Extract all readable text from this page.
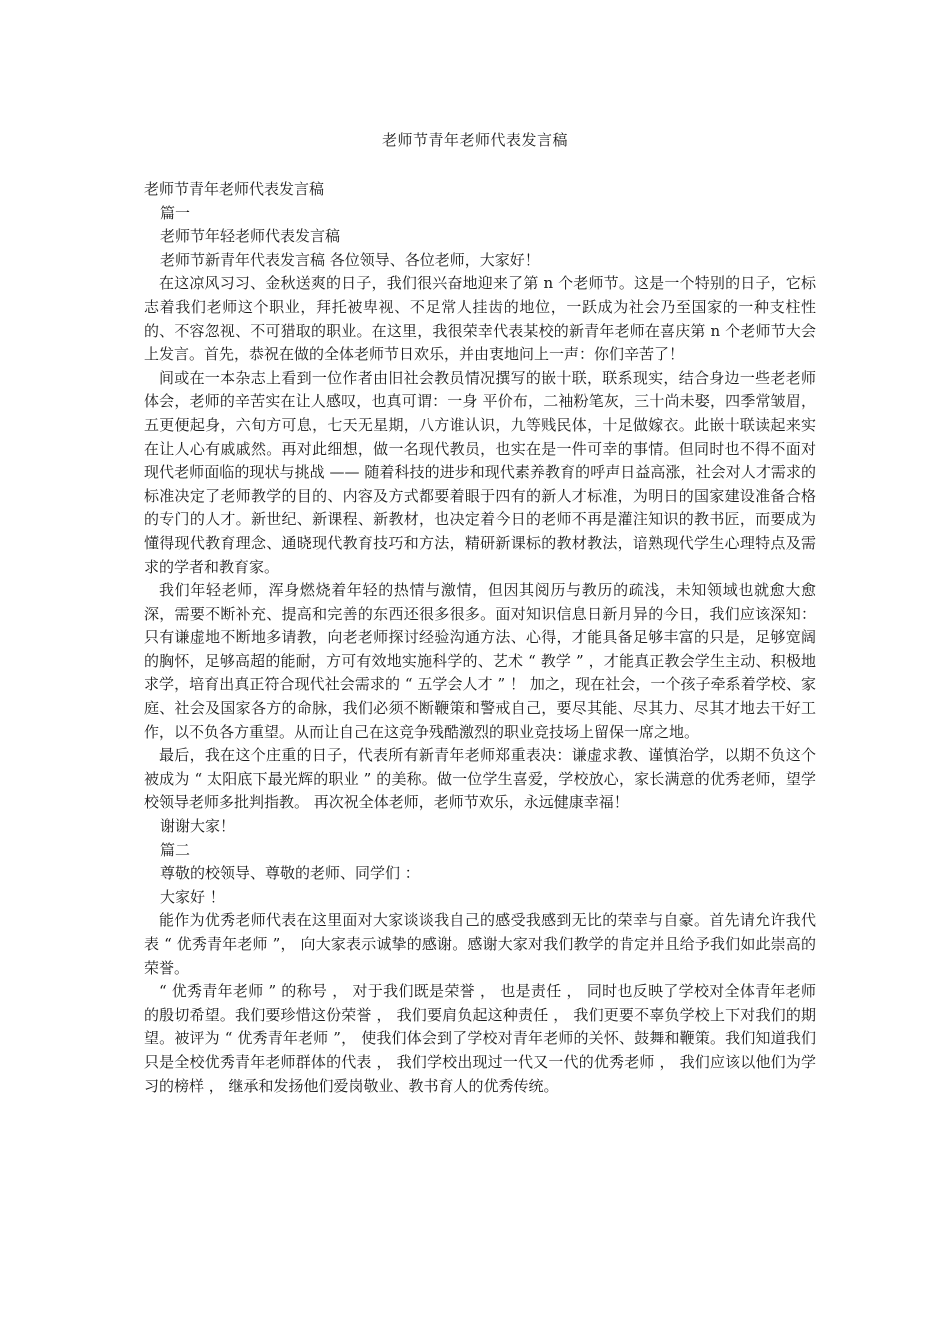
老师节青年老师代表发言稿

老师节青年老师代表发言稿

篇一

老师节年轻老师代表发言稿

老师节新青年代表发言稿 各位领导、各位老师，大家好！

在这凉风习习、金秋送爽的日子，我们很兴奋地迎来了第 n 个老师节。这是一个特别的日子，它标志着我们老师这个职业，拜托被卑视、不足常人挂齿的地位，一跃成为社会乃至国家的一种支柱性的、不容忽视、不可猎取的职业。在这里，我很荣幸代表某校的新青年老师在喜庆第 n 个老师节大会上发言。首先，恭祝在做的全体老师节日欢乐，并由衷地问上一声：你们辛苦了！

间或在一本杂志上看到一位作者由旧社会教员情况撰写的嵌十联，联系现实，结合身边一些老老师体会，老师的辛苦实在让人感叹，也真可谓：一身 平价布，二袖粉笔灰，三十尚未娶，四季常皱眉，五更便起身，六旬方可息，七天无星期，八方谁认识，九等贱民体，十足做嫁衣。此嵌十联读起来实在让人心有戚戚然。再对此细想，做一名现代教员，也实在是一件可幸的事情。但同时也不得不面对现代老师面临的现状与挑战 —— 随着科技的进步和现代素养教育的呼声日益高涨，社会对人才需求的标准决定了老师教学的目的、内容及方式都要着眼于四有的新人才标准，为明日的国家建设准备合格的专门的人才。新世纪、新课程、新教材，也决定着今日的老师不再是灌注知识的教书匠，而要成为懂得现代教育理念、通晓现代教育技巧和方法，精研新课标的教材教法，谙熟现代学生心理特点及需求的学者和教育家。

我们年轻老师，浑身燃烧着年轻的热情与激情，但因其阅历与教历的疏浅，未知领域也就愈大愈深，需要不断补充、提高和完善的东西还很多很多。面对知识信息日新月异的今日，我们应该深知：只有谦虚地不断地多请教，向老老师探讨经验沟通方法、心得，才能具备足够丰富的只是，足够宽阔的胸怀，足够高超的能耐，方可有效地实施科学的、艺术 “ 教学 ” ，才能真正教会学生主动、积极地求学，培育出真正符合现代社会需求的 “ 五学会人才 ” ！ 加之，现在社会，一个孩子牵系着学校、家庭、社会及国家各方的命脉，我们必须不断鞭策和警戒自己，要尽其能、尽其力、尽其才地去干好工作，以不负各方重望。从而让自己在这竞争残酷激烈的职业竞技场上留保一席之地。

最后，我在这个庄重的日子，代表所有新青年老师郑重表决：谦虚求教、谨慎治学，以期不负这个被成为 “ 太阳底下最光辉的职业 ” 的美称。做一位学生喜爱，学校放心，家长满意的优秀老师，望学校领导老师多批判指教。 再次祝全体老师，老师节欢乐，永远健康幸福！

谢谢大家！

篇二

尊敬的校领导、尊敬的老师、同学们 ：

大家好 ！

能作为优秀老师代表在这里面对大家谈谈我自己的感受我感到无比的荣幸与自豪。首先请允许我代表 “ 优秀青年老师 ”， 向大家表示诚挚的感谢。感谢大家对我们教学的肯定并且给予我们如此崇高的荣誉。

“ 优秀青年老师 ” 的称号 ， 对于我们既是荣誉 ， 也是责任 ， 同时也反映了学校对全体青年老师的殷切希望。我们要珍惜这份荣誉 ， 我们要肩负起这种责任 ， 我们更要不辜负学校上下对我们的期望。被评为 “ 优秀青年老师 ”， 使我们体会到了学校对青年老师的关怀、鼓舞和鞭策。我们知道我们只是全校优秀青年老师群体的代表 ， 我们学校出现过一代又一代的优秀老师 ， 我们应该以他们为学习的榜样 ， 继承和发扬他们爱岗敬业、教书育人的优秀传统。
